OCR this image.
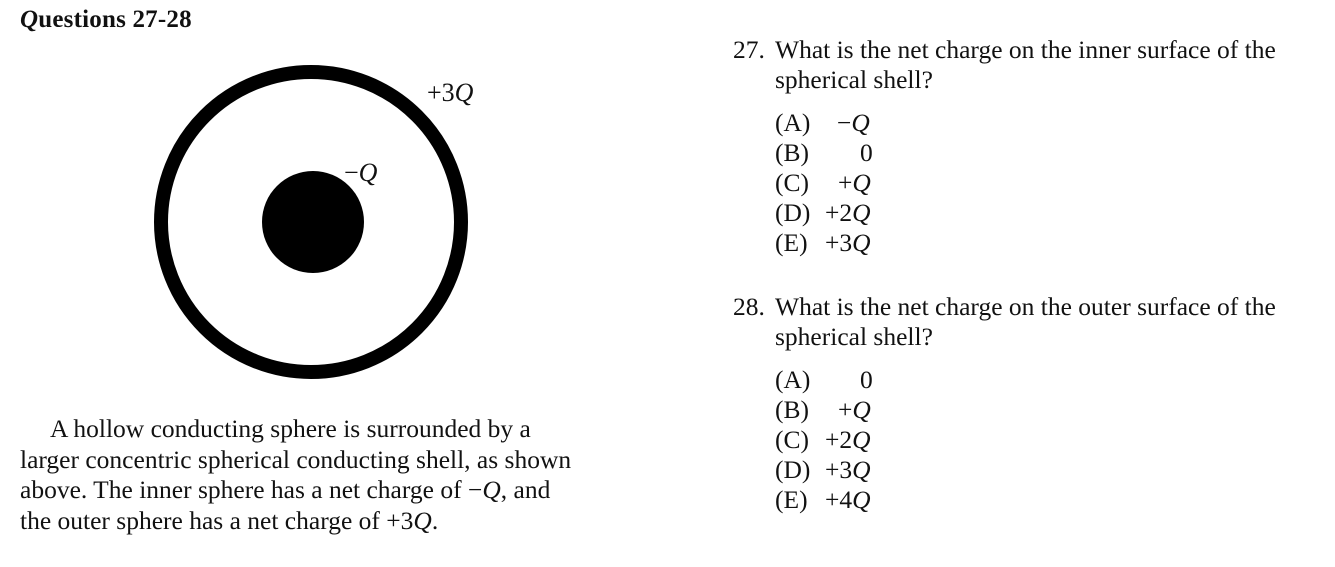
Questions 27-28
+3Q
−Q

A hollow conducting sphere is surrounded by a

larger concentric spherical conducting shell, as shown

above. The inner sphere has a net charge of −Q, and

the outer sphere has a net charge of +3Q.

27. What is the net charge on the inner surface of the
spherical shell?
(A)	−Q
(B)	0
(C)	+Q
(D) +2Q
(E) +3Q
28. What is the net charge on the outer surface of the
spherical shell?
(A)	0
(B)	+Q
(C) +2Q
(D) +3Q
(E) +4Q
